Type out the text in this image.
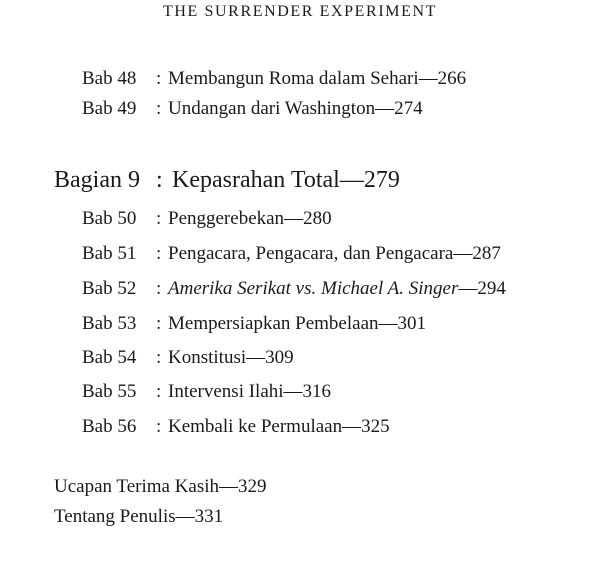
THE SURRENDER EXPERIMENT
Bab 48 : Membangun Roma dalam Sehari—266
Bab 49 : Undangan dari Washington—274
Bagian 9 : Kepasrahan Total—279
Bab 50 : Penggerebekan—280
Bab 51 : Pengacara, Pengacara, dan Pengacara—287
Bab 52 : Amerika Serikat vs. Michael A. Singer—294
Bab 53 : Mempersiapkan Pembelaan—301
Bab 54 : Konstitusi—309
Bab 55 : Intervensi Ilahi—316
Bab 56 : Kembali ke Permulaan—325
Ucapan Terima Kasih—329
Tentang Penulis—331
